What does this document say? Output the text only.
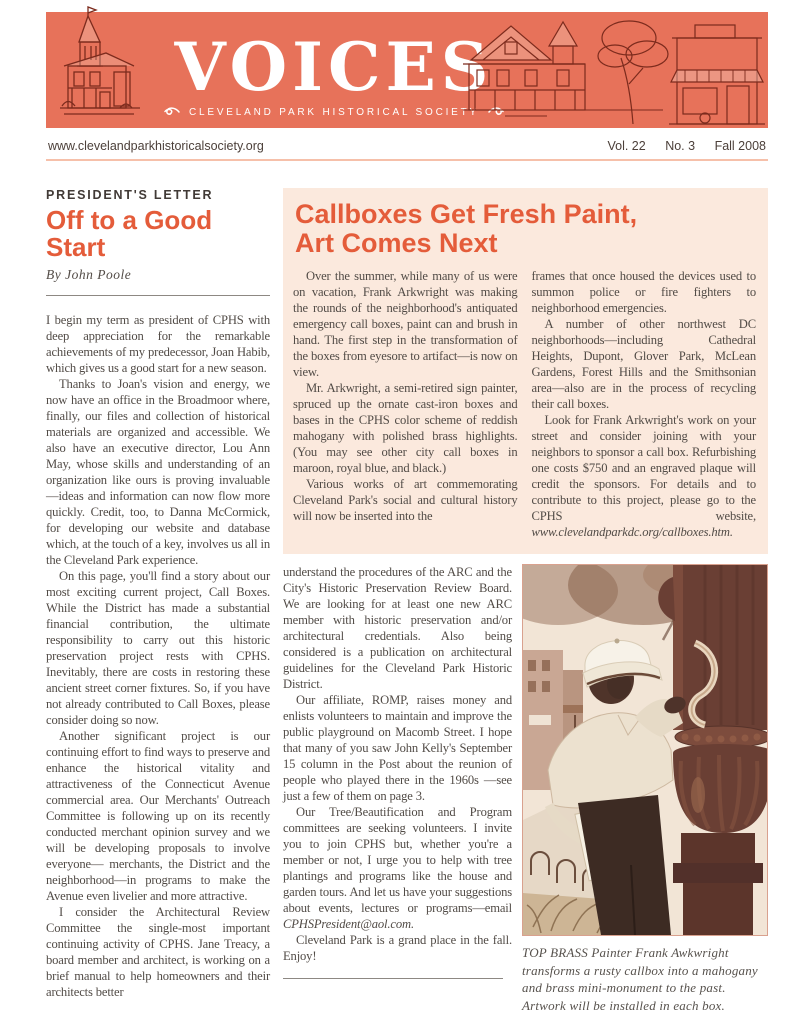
VOICES
CLEVELAND PARK HISTORICAL SOCIETY
www.clevelandparkhistoricalsociety.org	Vol. 22 No. 3 Fall 2008
PRESIDENT'S LETTER
Off to a Good Start
By John Poole

I begin my term as president of CPHS with deep appreciation for the remarkable achievements of my predecessor, Joan Habib, which gives us a good start for a new season.

Thanks to Joan's vision and energy, we now have an office in the Broadmoor where, finally, our files and collection of historical materials are organized and accessible. We also have an executive director, Lou Ann May, whose skills and understanding of an organization like ours is proving invaluable—ideas and information can now flow more quickly. Credit, too, to Danna McCormick, for developing our website and database which, at the touch of a key, involves us all in the Cleveland Park experience.

On this page, you'll find a story about our most exciting current project, Call Boxes. While the District has made a substantial financial contribution, the ultimate responsibility to carry out this historic preservation project rests with CPHS. Inevitably, there are costs in restoring these ancient street corner fixtures. So, if you have not already contributed to Call Boxes, please consider doing so now.

Another significant project is our continuing effort to find ways to preserve and enhance the historical vitality and attractiveness of the Connecticut Avenue commercial area. Our Merchants' Outreach Committee is following up on its recently conducted merchant opinion survey and we will be developing proposals to involve everyone— merchants, the District and the neighborhood—in programs to make the Avenue even livelier and more attractive.

I consider the Architectural Review Committee the single-most important continuing activity of CPHS. Jane Treacy, a board member and architect, is working on a brief manual to help homeowners and their architects better

Callboxes Get Fresh Paint,
Art Comes Next

Over the summer, while many of us were on vacation, Frank Arkwright was making the rounds of the neighborhood's antiquated emergency call boxes, paint can and brush in hand. The first step in the transformation of the boxes from eyesore to artifact—is now on view.

Mr. Arkwright, a semi-retired sign painter, spruced up the ornate cast-iron boxes and bases in the CPHS color scheme of reddish mahogany with polished brass highlights. (You may see other city call boxes in maroon, royal blue, and black.)

Various works of art commemorating Cleveland Park's social and cultural history will now be inserted into the

frames that once housed the devices used to summon police or fire fighters to neighborhood emergencies.

A number of other northwest DC neighborhoods—including Cathedral Heights, Dupont, Glover Park, McLean Gardens, Forest Hills and the Smithsonian area—also are in the process of recycling their call boxes.

Look for Frank Arkwright's work on your street and consider joining with your neighbors to sponsor a call box. Refurbishing one costs $750 and an engraved plaque will credit the sponsors. For details and to contribute to this project, please go to the CPHS website, www.clevelandparkdc.org/callboxes.htm.

understand the procedures of the ARC and the City's Historic Preservation Review Board. We are looking for at least one new ARC member with historic preservation and/or architectural credentials. Also being considered is a publication on architectural guidelines for the Cleveland Park Historic District.

Our affiliate, ROMP, raises money and enlists volunteers to maintain and improve the public playground on Macomb Street. I hope that many of you saw John Kelly's September 15 column in the Post about the reunion of people who played there in the 1960s —see just a few of them on page 3.

Our Tree/Beautification and Program committees are seeking volunteers. I invite you to join CPHS but, whether you're a member or not, I urge you to help with tree plantings and programs like the house and garden tours. And let us have your suggestions about events, lectures or programs—email CPHSPresident@aol.com.

Cleveland Park is a grand place in the fall. Enjoy!	TOP BRASS Painter Frank Awkwright transforms a rusty callbox into a mahogany and brass mini-monument to the past. Artwork will be installed in each box.
